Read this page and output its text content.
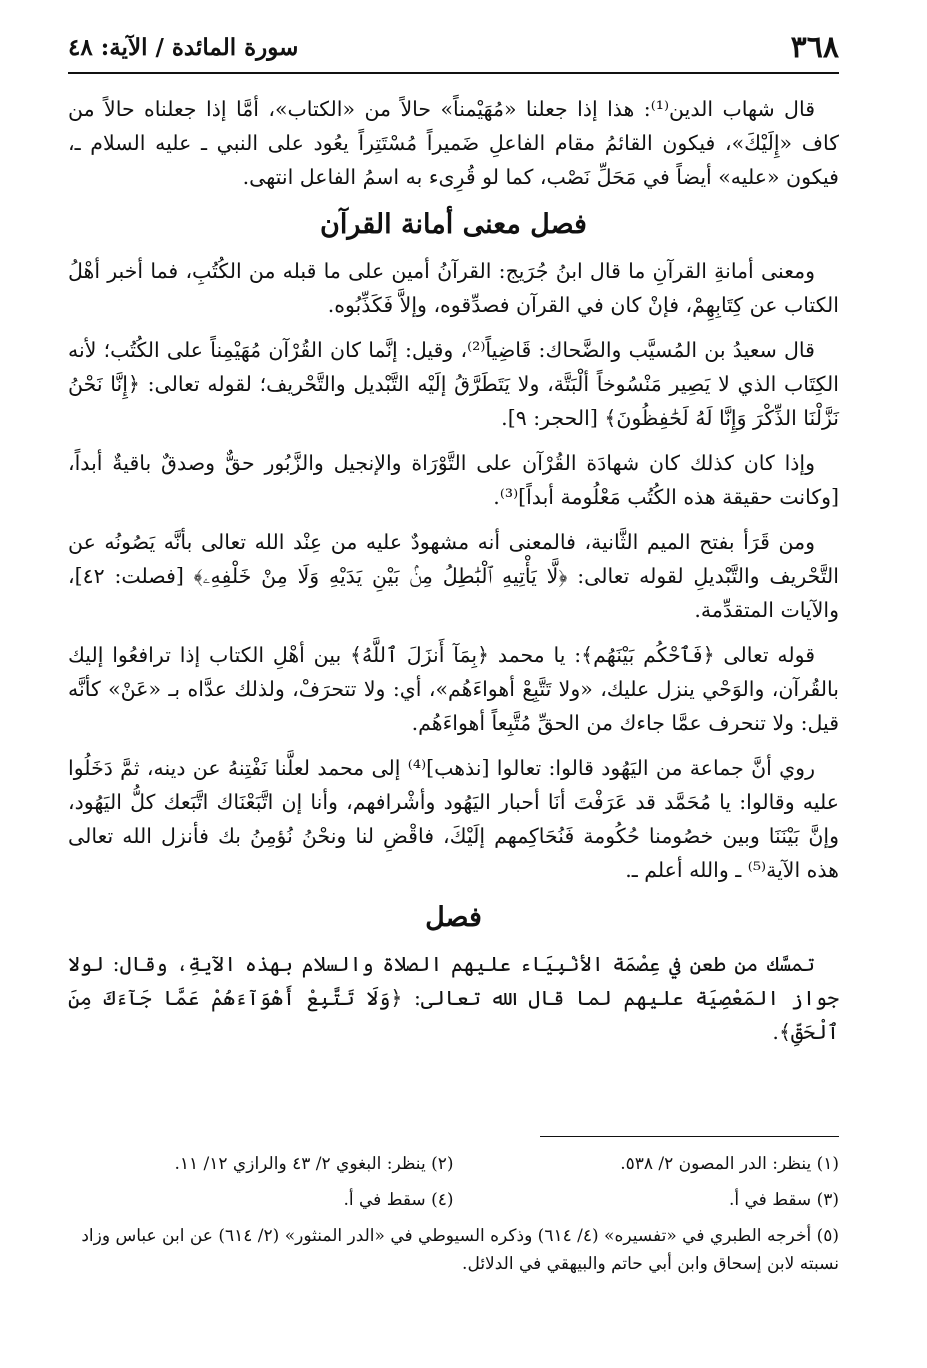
٣٦٨
سورة المائدة / الآية: ٤٨

قال شهاب الدين⁽¹⁾: هذا إذا جعلنا «مُهَيْمناً» حالاً من «الكتاب»، أمَّا إذا جعلناه حالاً من كاف «إِلَيْكَ»، فيكون القائمُ مقام الفاعلِ ضَميراً مُسْتَتِراً يعُود على النبي ـ عليه السلام ـ، فيكون «عليه» أيضاً في مَحَلِّ نَصْب، كما لو قُرِىء به اسمُ الفاعل انتهى.

فصل معنى أمانة القرآن

ومعنى أمانةِ القرآنِ ما قال ابنُ جُرَيج: القرآنُ أمين على ما قبله من الكُتُبِ، فما أخبر أهْلُ الكتاب عن كِتَابِهِمْ، فإنْ كان في القرآن فصدِّقوه، وإلاَّ فَكَذِّبُوه.

قال سعيدُ بن المُسيَّب والضَّحاك: قَاضِياً⁽²⁾، وقيل: إنَّما كان القُرْآن مُهَيْمِناً على الكُتُب؛ لأنه الكِتَاب الذي لا يَصِير مَنْسُوخاً ألْبَتَّة، ولا يَتَطَرَّقُ إلَيْه التَّبْديل والتَّحْريف؛ لقوله تعالى: ﴿إِنَّا نَحْنُ نَزَّلْنَا الذِّكْرَ وَإِنَّا لَهُ لَحَٰفِظُونَ﴾ [الحجر: ٩].

وإذا كان كذلك كان شهادَة القُرْآن على التَّوْرَاة والإنجيل والزَّبُور حقٌّ وصدقٌ باقيةٌ أبداً، [وكانت حقيقة هذه الكُتُب مَعْلُومة أبداً]⁽³⁾.

ومن قَرَأ بفتح الميم الثَّانية، فالمعنى أنه مشهودٌ عليه من عِنْد الله تعالى بأنَّه يَصُونُه عن التَّحْريف والتَّبْديلِ لقوله تعالى: ﴿لَّا يَأْتِيهِ ٱلْبَٰطِلُ مِنۢ بَيْنِ يَدَيْهِ وَلَا مِنْ خَلْفِهِۦ﴾ [فصلت: ٤٢]، والآيات المتقدِّمة.

قوله تعالى ﴿فَٱحْكُم بَيْنَهُم﴾: يا محمد ﴿بِمَآ أَنزَلَ ٱللَّهُ﴾ بين أهْلِ الكتاب إذا ترافعُوا إليك بالقُرآن، والوَحْي ينزل عليك، «ولا تَتَّبِعْ أهواءَهُم»، أي: ولا تتحرَفْ، ولذلك عدَّاه بـ «عَنْ» كأنَّه قيل: ولا تنحرف عمَّا جاءك من الحقِّ مُتَّبِعاً أهواءَهُم.

روي أنَّ جماعة من اليَهُود قالوا: تعالوا [نذهب]⁽⁴⁾ إلى محمد لعلَّنا نَفْتِنهُ عن دينه، ثمَّ دَخَلُوا عليه وقالوا: يا مُحَمَّد قد عَرَفْتَ أنَا أحبار اليَهُود وأشْرافهم، وأنا إن اتَّبَعْنَاك اتَّبَعك كلُّ اليَهُود، وإنَّ بَيْنَنَا وبين خصُومنا حُكُومة فَنُحَاكِمهم إلَيْكَ، فاقْضِ لنا ونحْنُ نُؤمِنُ بك فأنزل الله تعالى هذه الآية⁽⁵⁾ ـ والله أعلم ـ.

فصل

تمسَّك من طعن في عِصْمَة الأنْبِيَاء عليهم الصلاة والسلام بهذه الآيةِ، وقال: لولا جواز المَعْصِيَة عليهم لما قال الله تعالى: ﴿وَلَا تَتَّبِعْ أَهْوَآءَهُمْ عَمَّا جَآءَكَ مِنَ ٱلْحَقِّ﴾.

(١) ينظر: الدر المصون ٢/ ٥٣٨.
(٢) ينظر: البغوي ٢/ ٤٣ والرازي ١٢/ ١١.
(٣) سقط في أ.
(٤) سقط في أ.
(٥) أخرجه الطبري في «تفسيره» (٤/ ٦١٤) وذكره السيوطي في «الدر المنثور» (٢/ ٦١٤) عن ابن عباس وزاد نسبته لابن إسحاق وابن أبي حاتم والبيهقي في الدلائل.
